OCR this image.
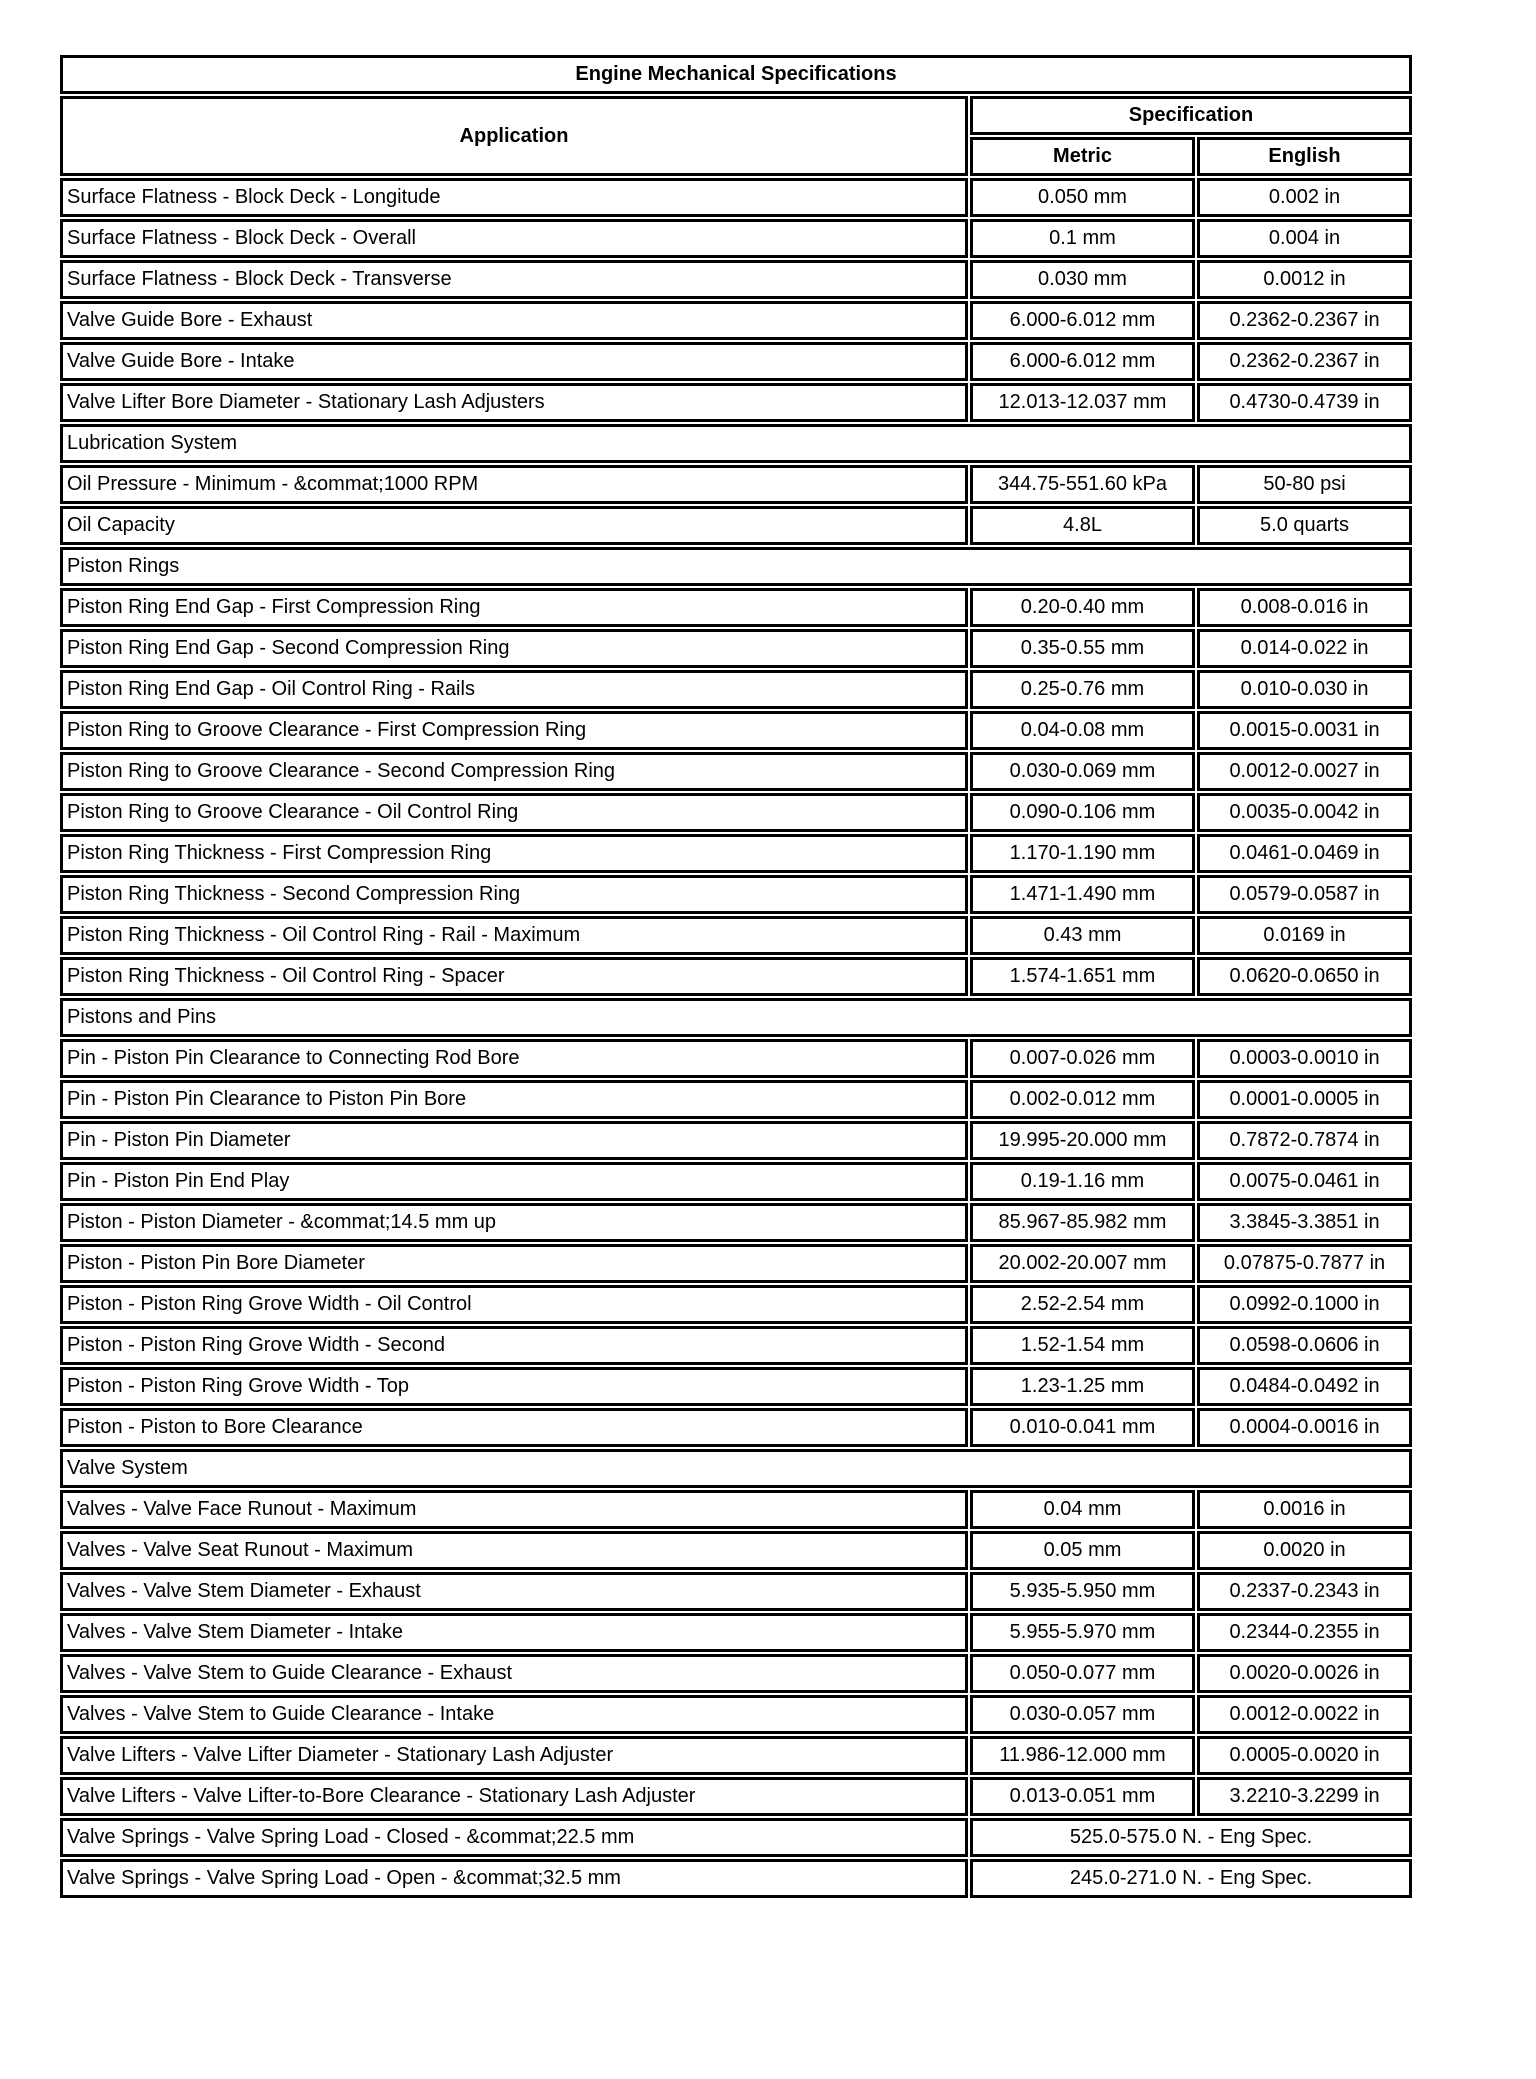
Engine Mechanical Specifications		
Application	Specification	
	Metric	English
Surface Flatness - Block Deck - Longitude	0.050 mm	0.002 in
Surface Flatness - Block Deck - Overall	0.1 mm	0.004 in
Surface Flatness - Block Deck - Transverse	0.030 mm	0.0012 in
Valve Guide Bore - Exhaust	6.000-6.012 mm	0.2362-0.2367 in
Valve Guide Bore - Intake	6.000-6.012 mm	0.2362-0.2367 in
Valve Lifter Bore Diameter - Stationary Lash Adjusters	12.013-12.037 mm	0.4730-0.4739 in
Lubrication System		
Oil Pressure - Minimum - &commat;1000 RPM	344.75-551.60 kPa	50-80 psi
Oil Capacity	4.8L	5.0 quarts
Piston Rings		
Piston Ring End Gap - First Compression Ring	0.20-0.40 mm	0.008-0.016 in
Piston Ring End Gap - Second Compression Ring	0.35-0.55 mm	0.014-0.022 in
Piston Ring End Gap - Oil Control Ring - Rails	0.25-0.76 mm	0.010-0.030 in
Piston Ring to Groove Clearance - First Compression Ring	0.04-0.08 mm	0.0015-0.0031 in
Piston Ring to Groove Clearance - Second Compression Ring	0.030-0.069 mm	0.0012-0.0027 in
Piston Ring to Groove Clearance - Oil Control Ring	0.090-0.106 mm	0.0035-0.0042 in
Piston Ring Thickness - First Compression Ring	1.170-1.190 mm	0.0461-0.0469 in
Piston Ring Thickness - Second Compression Ring	1.471-1.490 mm	0.0579-0.0587 in
Piston Ring Thickness - Oil Control Ring - Rail - Maximum	0.43 mm	0.0169 in
Piston Ring Thickness - Oil Control Ring - Spacer	1.574-1.651 mm	0.0620-0.0650 in
Pistons and Pins		
Pin - Piston Pin Clearance to Connecting Rod Bore	0.007-0.026 mm	0.0003-0.0010 in
Pin - Piston Pin Clearance to Piston Pin Bore	0.002-0.012 mm	0.0001-0.0005 in
Pin - Piston Pin Diameter	19.995-20.000 mm	0.7872-0.7874 in
Pin - Piston Pin End Play	0.19-1.16 mm	0.0075-0.0461 in
Piston - Piston Diameter - &commat;14.5 mm up	85.967-85.982 mm	3.3845-3.3851 in
Piston - Piston Pin Bore Diameter	20.002-20.007 mm	0.07875-0.7877 in
Piston - Piston Ring Grove Width - Oil Control	2.52-2.54 mm	0.0992-0.1000 in
Piston - Piston Ring Grove Width - Second	1.52-1.54 mm	0.0598-0.0606 in
Piston - Piston Ring Grove Width - Top	1.23-1.25 mm	0.0484-0.0492 in
Piston - Piston to Bore Clearance	0.010-0.041 mm	0.0004-0.0016 in
Valve System		
Valves - Valve Face Runout - Maximum	0.04 mm	0.0016 in
Valves - Valve Seat Runout - Maximum	0.05 mm	0.0020 in
Valves - Valve Stem Diameter - Exhaust	5.935-5.950 mm	0.2337-0.2343 in
Valves - Valve Stem Diameter - Intake	5.955-5.970 mm	0.2344-0.2355 in
Valves - Valve Stem to Guide Clearance - Exhaust	0.050-0.077 mm	0.0020-0.0026 in
Valves - Valve Stem to Guide Clearance - Intake	0.030-0.057 mm	0.0012-0.0022 in
Valve Lifters - Valve Lifter Diameter - Stationary Lash Adjuster	11.986-12.000 mm	0.0005-0.0020 in
Valve Lifters - Valve Lifter-to-Bore Clearance - Stationary Lash Adjuster	0.013-0.051 mm	3.2210-3.2299 in
Valve Springs - Valve Spring Load - Closed - &commat;22.5 mm	525.0-575.0 N. - Eng Spec.	
Valve Springs - Valve Spring Load - Open - &commat;32.5 mm	245.0-271.0 N. - Eng Spec.	
